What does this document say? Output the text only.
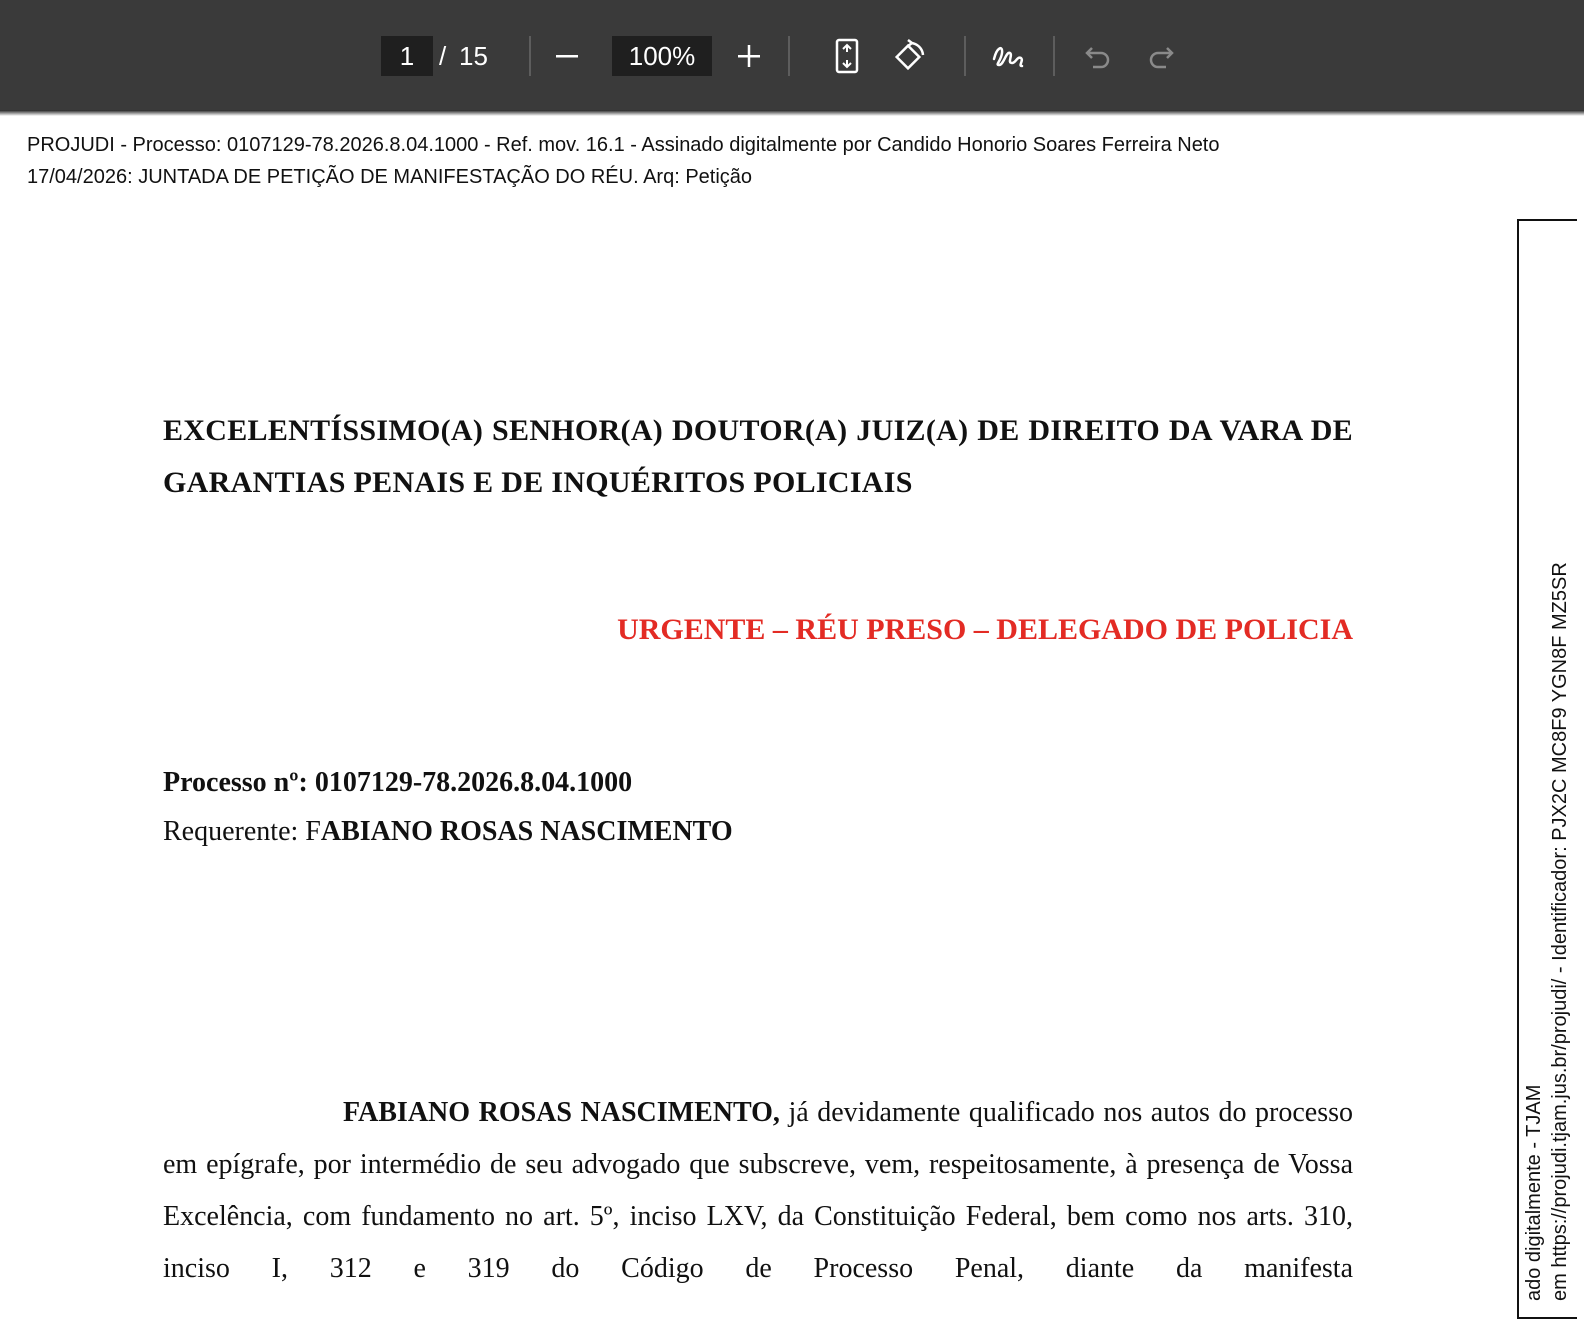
1 / 15	100%
PROJUDI - Processo: 0107129-78.2026.8.04.1000 - Ref. mov. 16.1 - Assinado digitalmente por Candido Honorio Soares Ferreira Neto
17/04/2026: JUNTADA DE PETIÇÃO DE MANIFESTAÇÃO DO RÉU. Arq: Petição
ado digitalmente - TJAM em https://projudi.tjam.jus.br/projudi/ - Identificador: PJX2C MC8F9 YGN8F MZ5SR
EXCELENTÍSSIMO(A) SENHOR(A) DOUTOR(A) JUIZ(A) DE DIREITO DA VARA DE GARANTIAS PENAIS E DE INQUÉRITOS POLICIAIS
URGENTE – RÉU PRESO – DELEGADO DE POLICIA
Processo nº: 0107129-78.2026.8.04.1000
Requerente: FABIANO ROSAS NASCIMENTO
FABIANO ROSAS NASCIMENTO, já devidamente qualificado nos autos do processo em epígrafe, por intermédio de seu advogado que subscreve, vem, respeitosamente, à presença de Vossa Excelência, com fundamento no art. 5º, inciso LXV, da Constituição Federal, bem como nos arts. 310, inciso I, 312 e 319 do Código de Processo Penal, diante da manifesta
